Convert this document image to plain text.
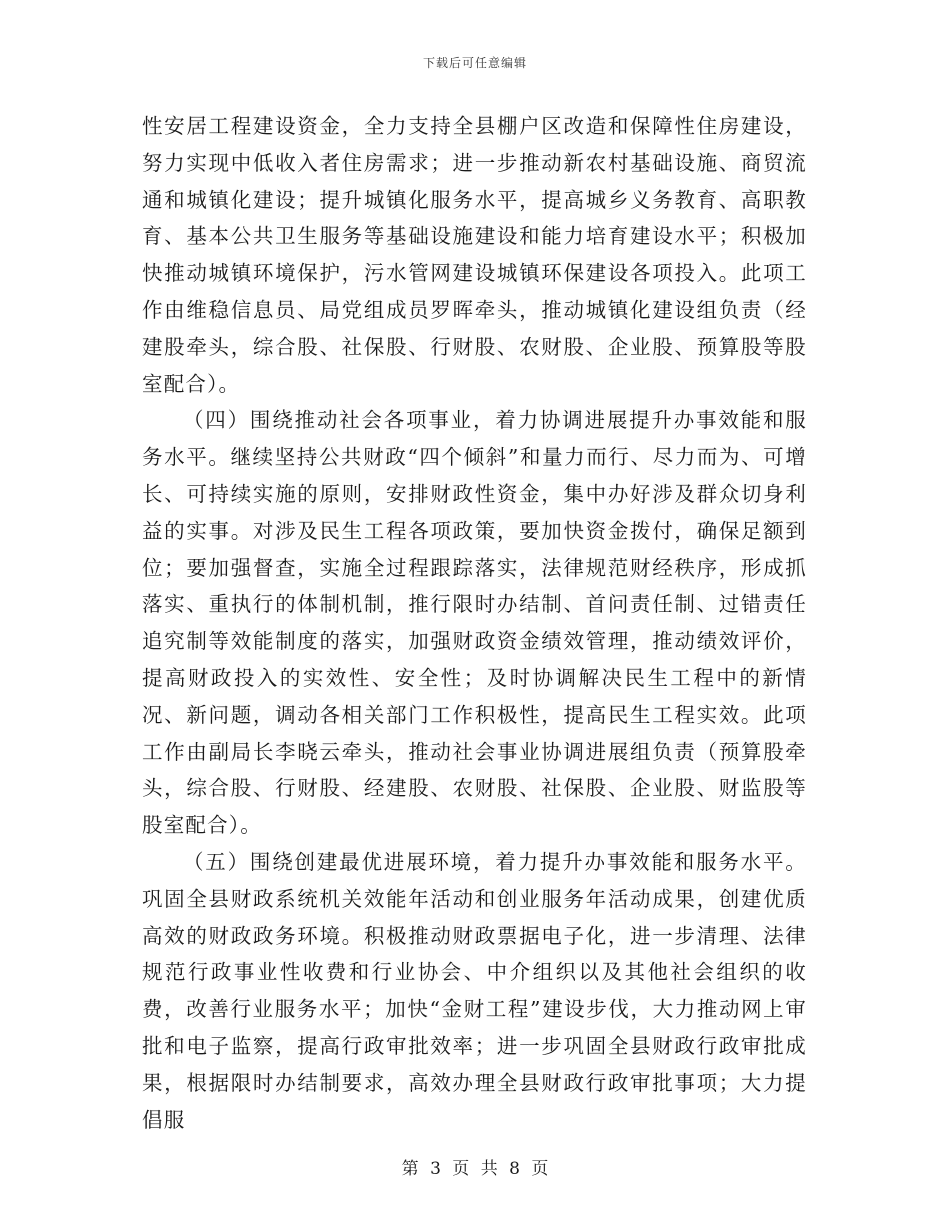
下载后可任意编辑

性安居工程建设资金，全力支持全县棚户区改造和保障性住房建设，努力实现中低收入者住房需求；进一步推动新农村基础设施、商贸流通和城镇化建设；提升城镇化服务水平，提高城乡义务教育、高职教育、基本公共卫生服务等基础设施建设和能力培育建设水平；积极加快推动城镇环境保护，污水管网建设城镇环保建设各项投入。此项工作由维稳信息员、局党组成员罗晖牵头，推动城镇化建设组负责（经建股牵头，综合股、社保股、行财股、农财股、企业股、预算股等股室配合）。

（四）围绕推动社会各项事业，着力协调进展提升办事效能和服务水平。继续坚持公共财政“四个倾斜”和量力而行、尽力而为、可增长、可持续实施的原则，安排财政性资金，集中办好涉及群众切身利益的实事。对涉及民生工程各项政策，要加快资金拨付，确保足额到位；要加强督查，实施全过程跟踪落实，法律规范财经秩序，形成抓落实、重执行的体制机制，推行限时办结制、首问责任制、过错责任追究制等效能制度的落实，加强财政资金绩效管理，推动绩效评价，提高财政投入的实效性、安全性；及时协调解决民生工程中的新情况、新问题，调动各相关部门工作积极性，提高民生工程实效。此项工作由副局长李晓云牵头，推动社会事业协调进展组负责（预算股牵头，综合股、行财股、经建股、农财股、社保股、企业股、财监股等股室配合）。

（五）围绕创建最优进展环境，着力提升办事效能和服务水平。巩固全县财政系统机关效能年活动和创业服务年活动成果，创建优质高效的财政政务环境。积极推动财政票据电子化，进一步清理、法律规范行政事业性收费和行业协会、中介组织以及其他社会组织的收费，改善行业服务水平；加快“金财工程”建设步伐，大力推动网上审批和电子监察，提高行政审批效率；进一步巩固全县财政行政审批成果，根据限时办结制要求，高效办理全县财政行政审批事项；大力提倡服

第 3 页 共 8 页
